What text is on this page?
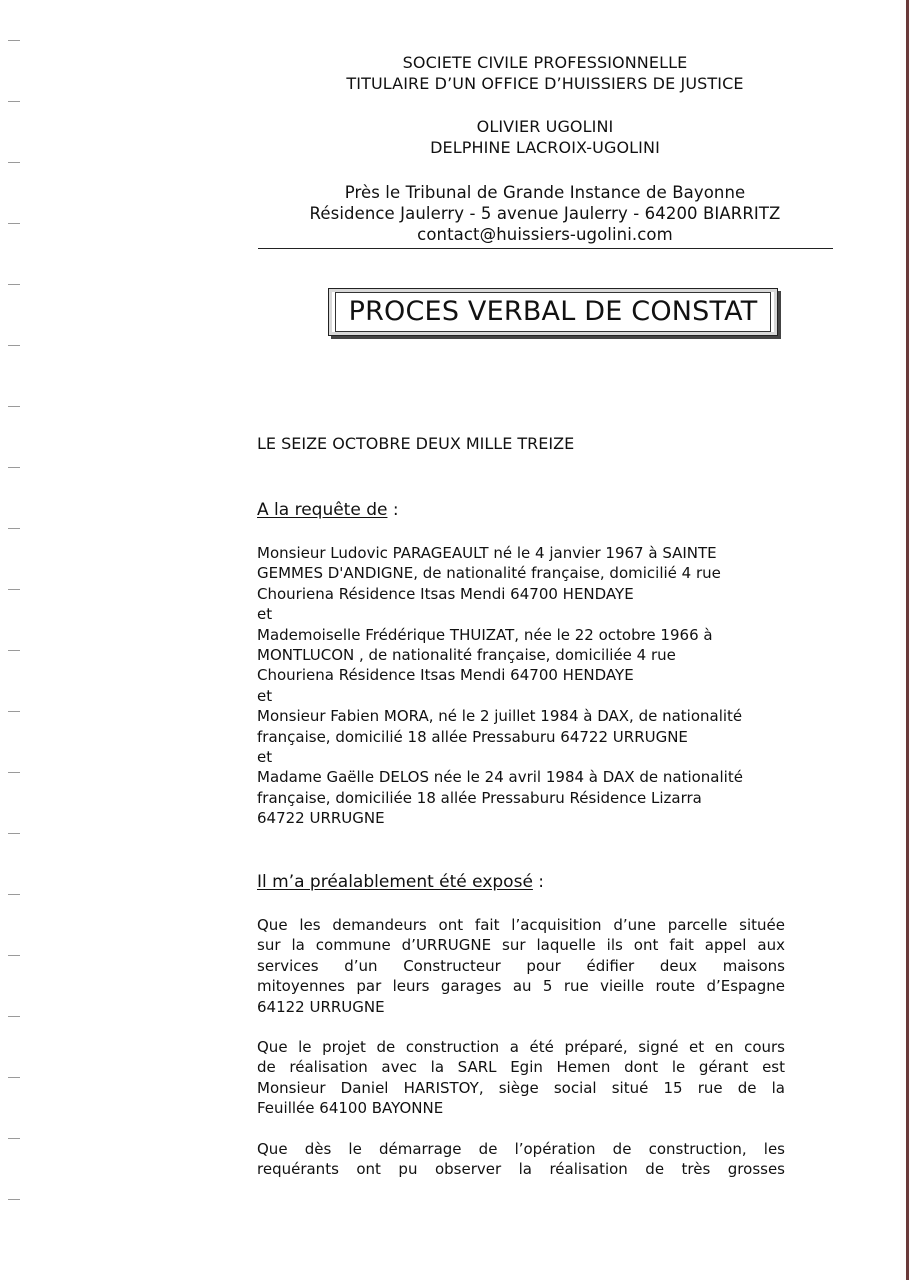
SOCIETE CIVILE PROFESSIONNELLE
TITULAIRE D’UN OFFICE D’HUISSIERS DE JUSTICE
OLIVIER UGOLINI
DELPHINE LACROIX-UGOLINI
Près le Tribunal de Grande Instance de Bayonne
Résidence Jaulerry - 5 avenue Jaulerry - 64200 BIARRITZ
contact@huissiers-ugolini.com
PROCES VERBAL DE CONSTAT
LE SEIZE OCTOBRE DEUX MILLE TREIZE
A la requête de :
Monsieur Ludovic PARAGEAULT né le 4 janvier 1967 à SAINTE
GEMMES D'ANDIGNE, de nationalité française, domicilié 4 rue
Chouriena Résidence Itsas Mendi 64700 HENDAYE
et
Mademoiselle Frédérique THUIZAT, née le 22 octobre 1966 à
MONTLUCON , de nationalité française, domiciliée 4 rue
Chouriena Résidence Itsas Mendi 64700 HENDAYE
et
Monsieur Fabien MORA, né le 2 juillet 1984 à DAX, de nationalité
française, domicilié 18 allée Pressaburu 64722 URRUGNE
et
Madame Gaëlle DELOS née le 24 avril 1984 à DAX de nationalité
française, domiciliée 18 allée Pressaburu Résidence Lizarra
64722 URRUGNE
Il m’a préalablement été exposé :

Que les demandeurs ont fait l’acquisition d’une parcelle située
sur la commune d’URRUGNE sur laquelle ils ont fait appel aux
services d’un Constructeur pour édifier deux maisons
mitoyennes par leurs garages au 5 rue vieille route d’Espagne
64122 URRUGNE

Que le projet de construction a été préparé, signé et en cours
de réalisation avec la SARL Egin Hemen dont le gérant est
Monsieur Daniel HARISTOY, siège social situé 15 rue de la
Feuillée 64100 BAYONNE

Que dès le démarrage de l’opération de construction, les
requérants ont pu observer la réalisation de très grosses
